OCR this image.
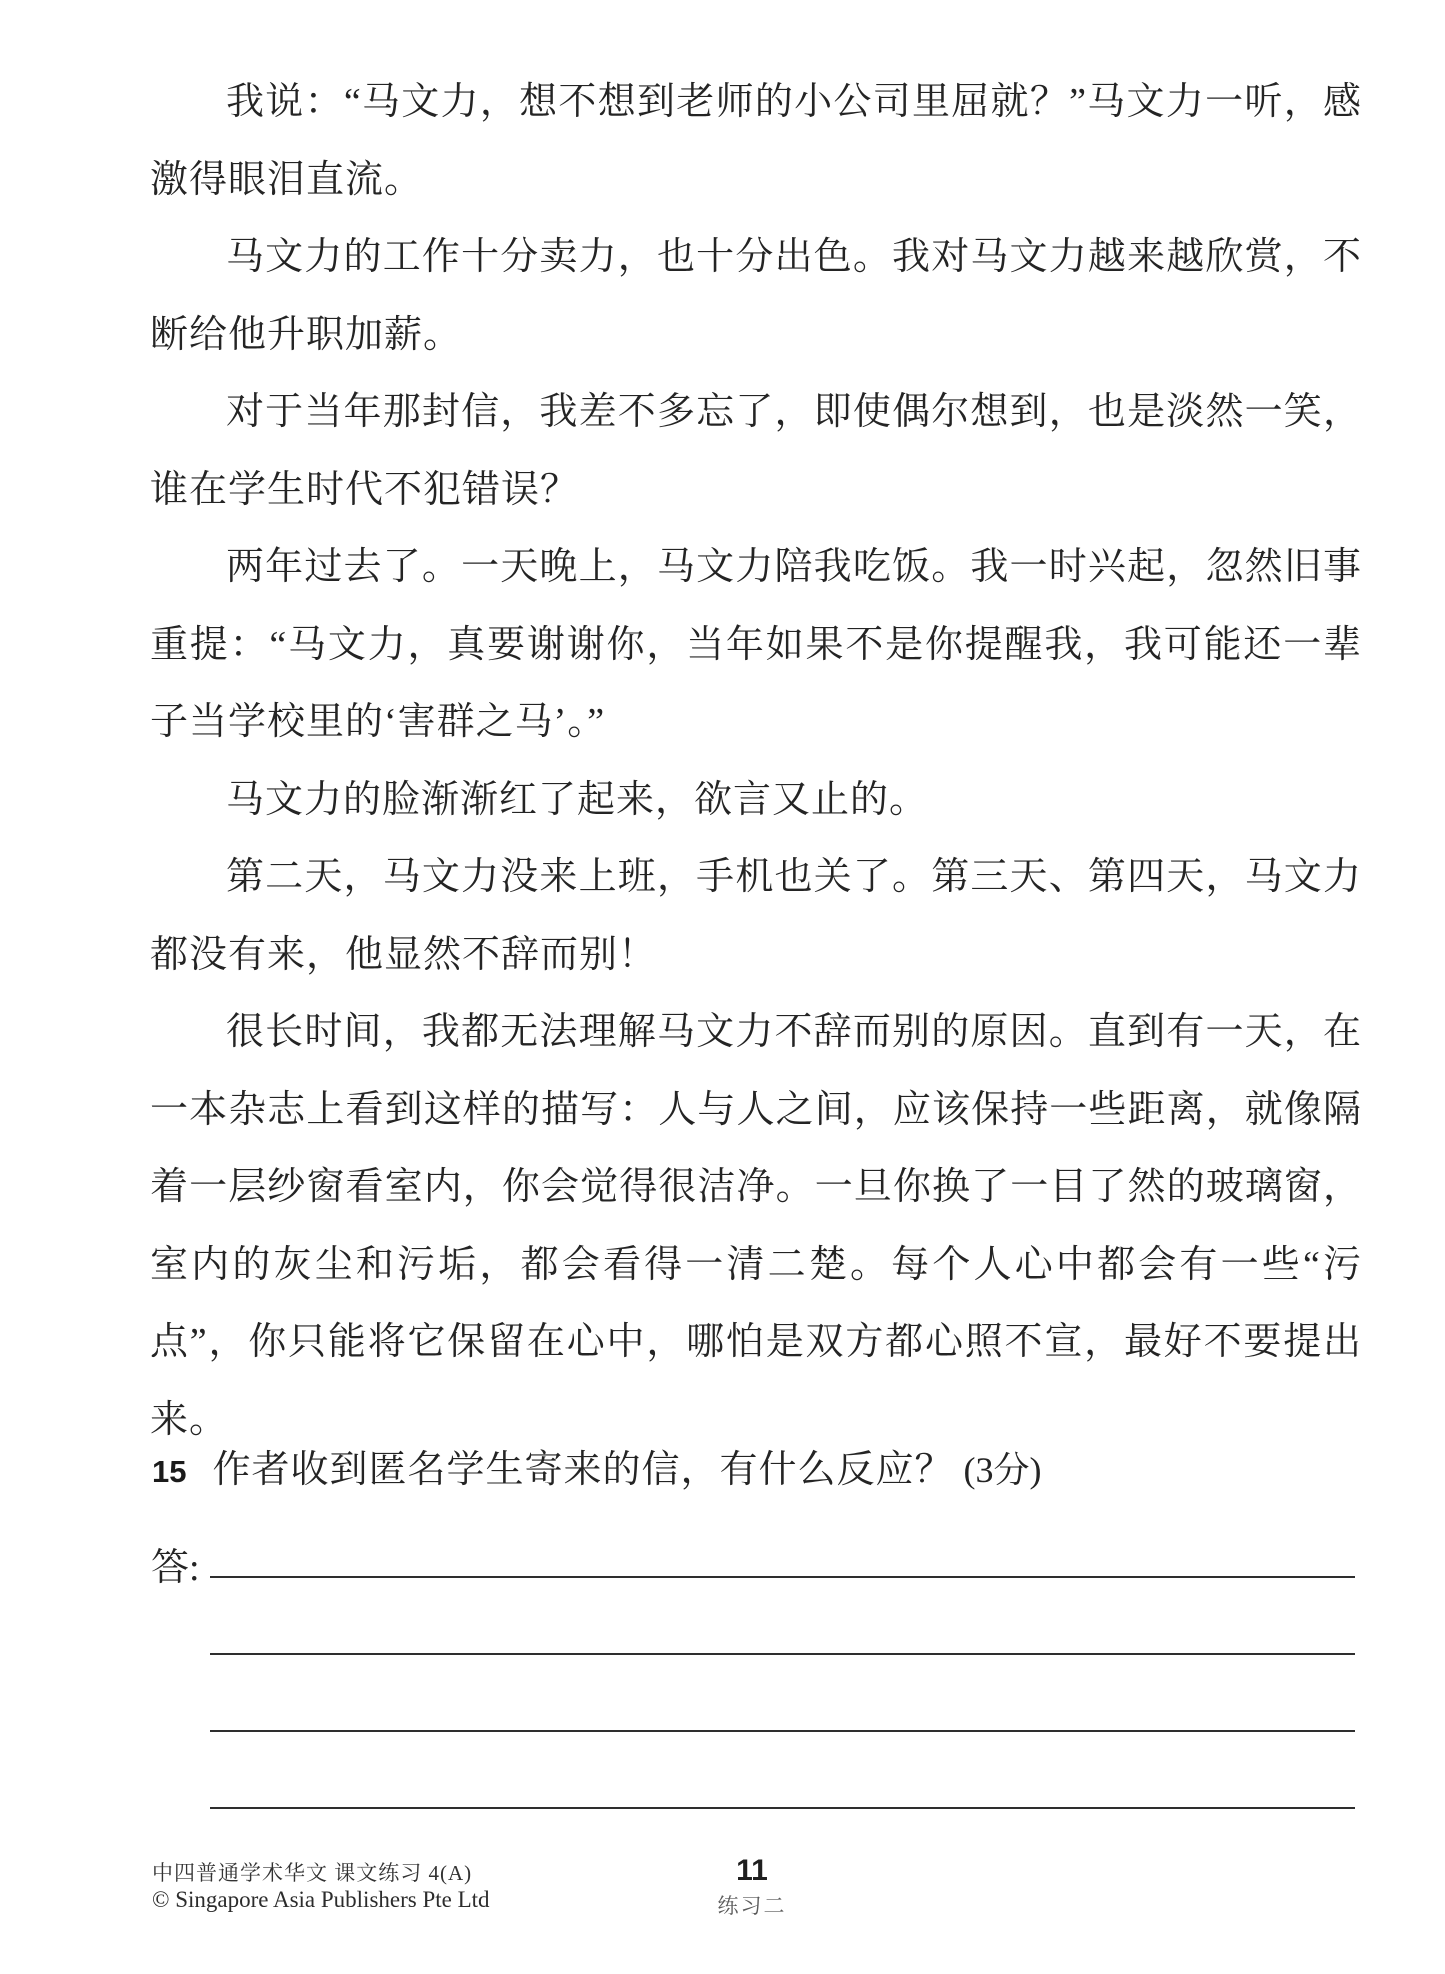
我说：“马文力，想不想到老师的小公司里屈就？”马文力一听，感激得眼泪直流。

马文力的工作十分卖力，也十分出色。我对马文力越来越欣赏，不断给他升职加薪。

对于当年那封信，我差不多忘了，即使偶尔想到，也是淡然一笑，谁在学生时代不犯错误？

两年过去了。一天晚上，马文力陪我吃饭。我一时兴起，忽然旧事重提：“马文力，真要谢谢你，当年如果不是你提醒我，我可能还一辈子当学校里的‘害群之马’。”

马文力的脸渐渐红了起来，欲言又止的。

第二天，马文力没来上班，手机也关了。第三天、第四天，马文力都没有来，他显然不辞而别！

很长时间，我都无法理解马文力不辞而别的原因。直到有一天，在一本杂志上看到这样的描写：人与人之间，应该保持一些距离，就像隔着一层纱窗看室内，你会觉得很洁净。一旦你换了一目了然的玻璃窗，室内的灰尘和污垢，都会看得一清二楚。每个人心中都会有一些“污点”，你只能将它保留在心中，哪怕是双方都心照不宣，最好不要提出来。

15 作者收到匿名学生寄来的信，有什么反应？ (3分)
答:
中四普通学术华文 课文练习 4(A)
© Singapore Asia Publishers Pte Ltd
11
练习二
